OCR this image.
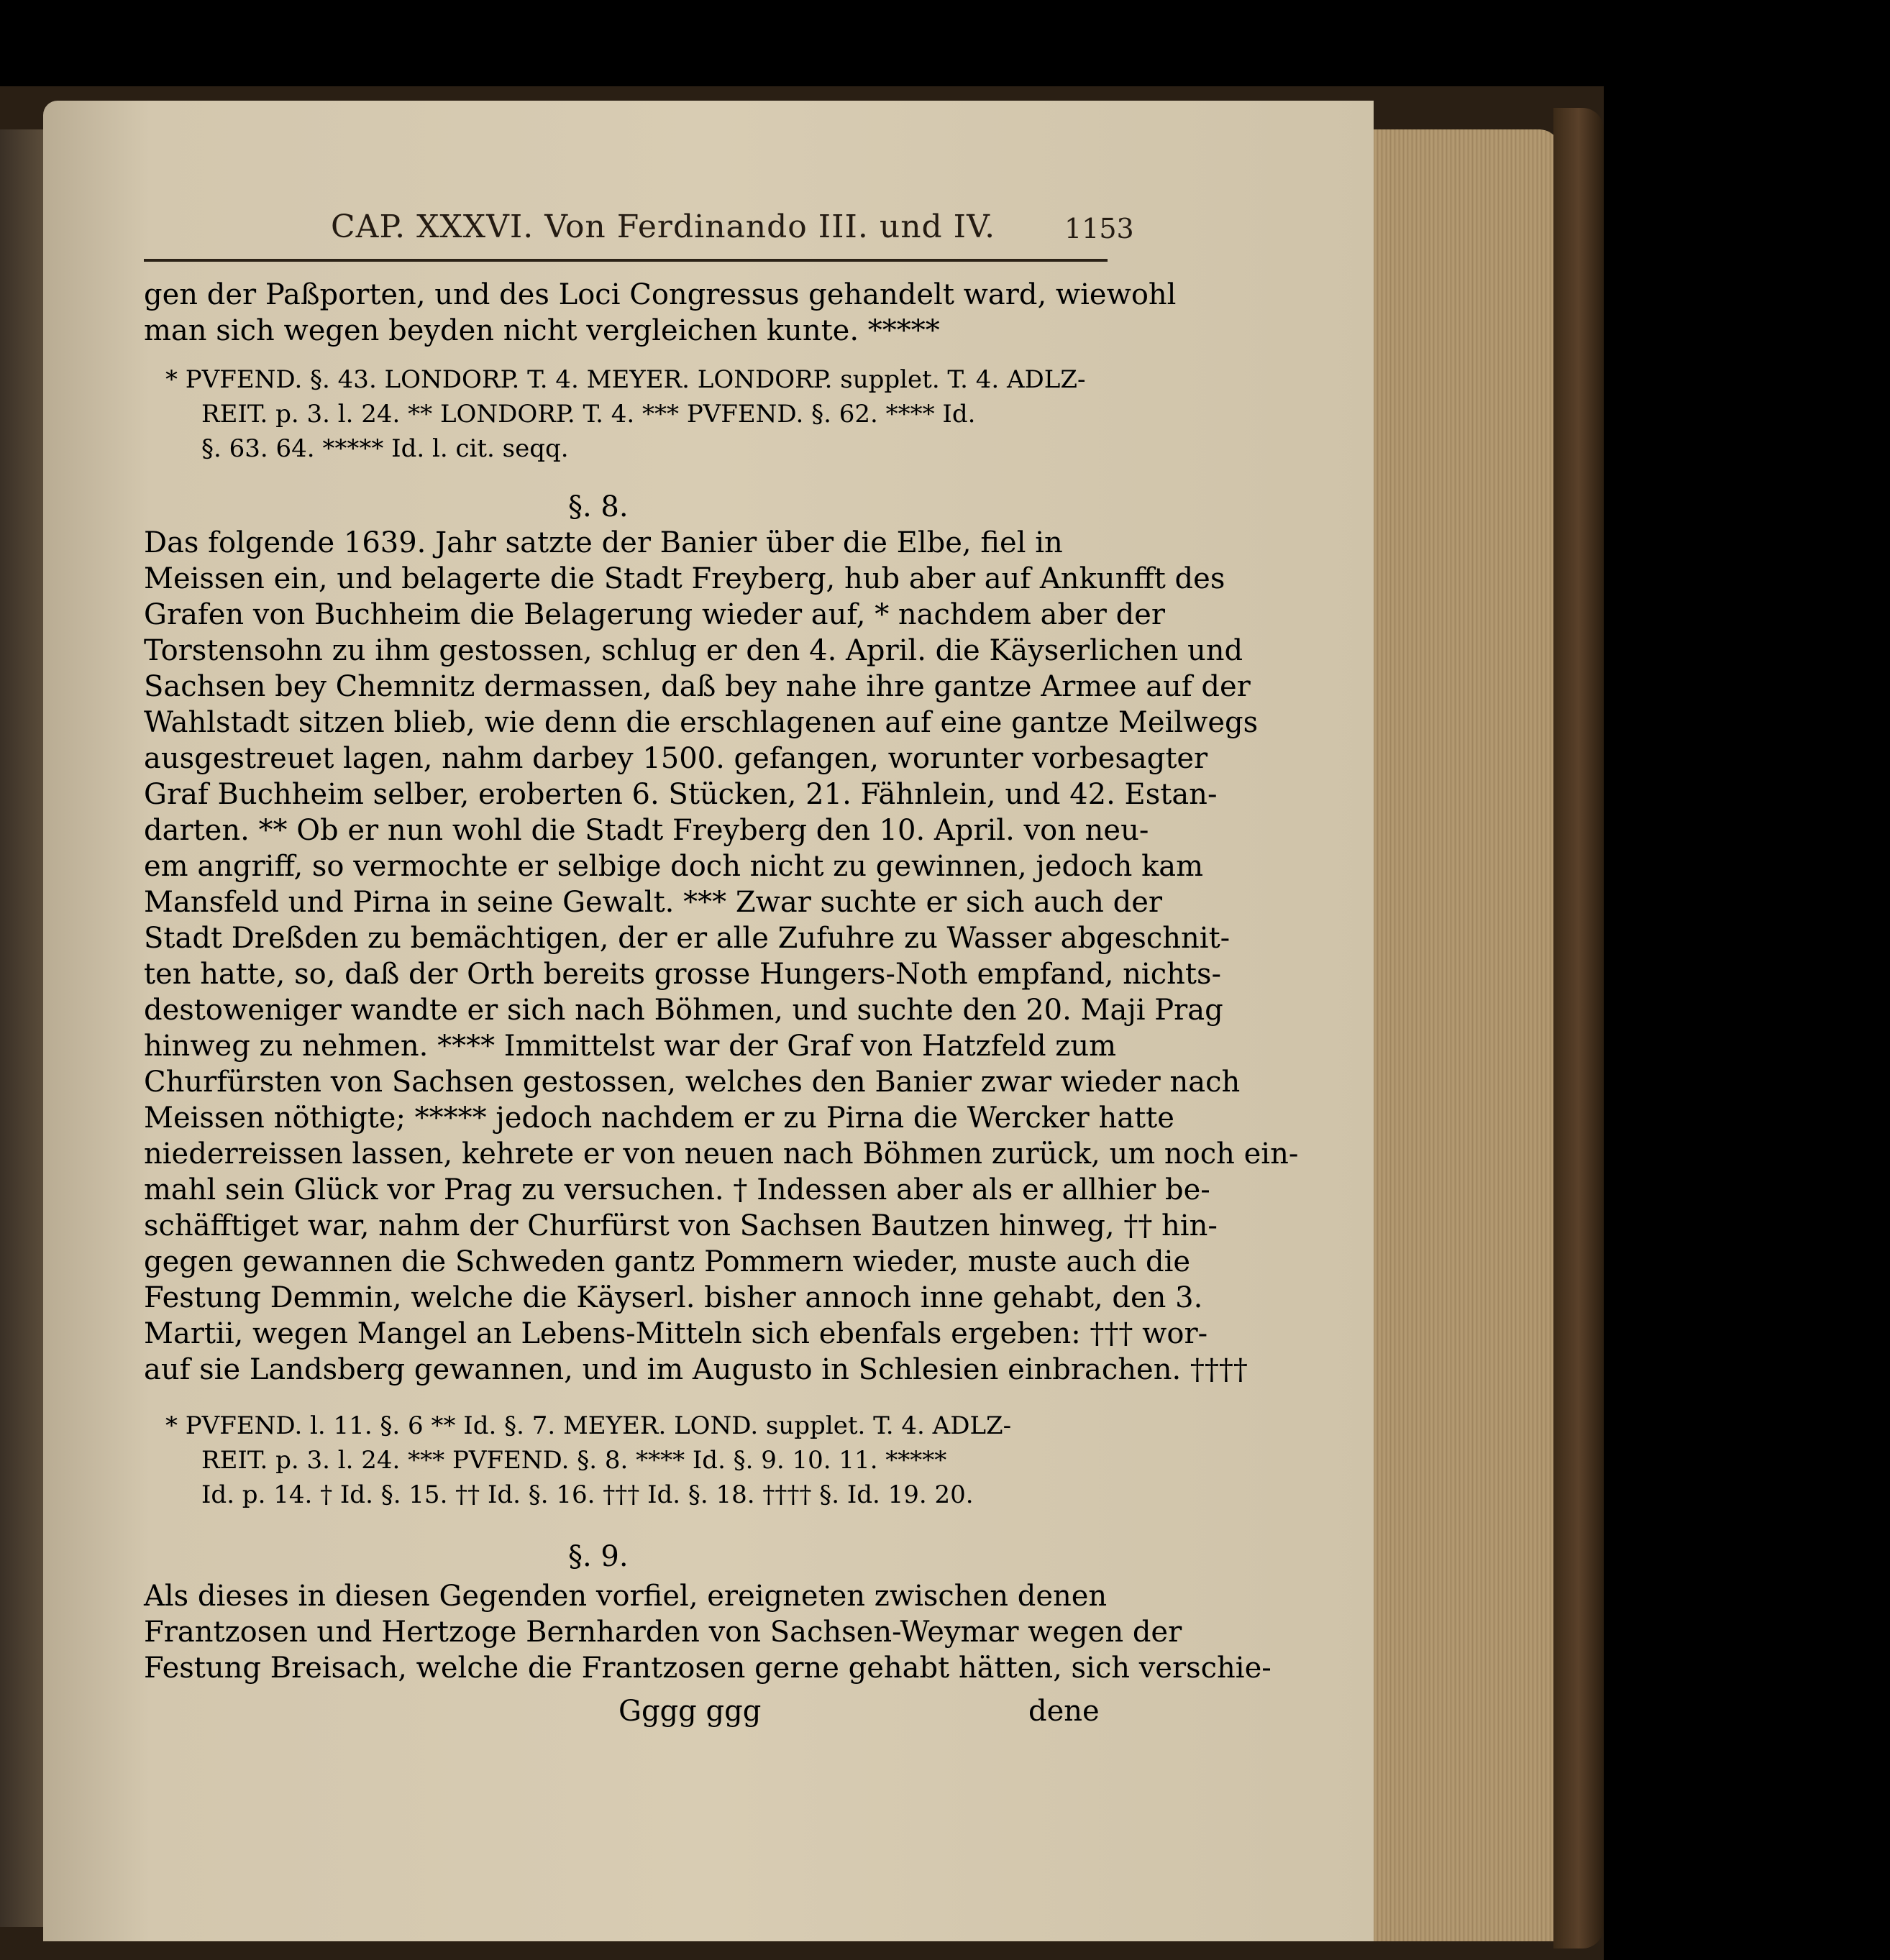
CAP. XXXVI. Von Ferdinando III. und IV.	1153
gen der Paßporten, und des Loci Congressus gehandelt ward, wiewohl
man sich wegen beyden nicht vergleichen kunte. *****
* PVFEND. §. 43. LONDORP. T. 4. MEYER. LONDORP. supplet. T. 4. ADLZ-
REIT. p. 3. l. 24. ** LONDORP. T. 4. *** PVFEND. §. 62. **** Id.
§. 63. 64. ***** Id. l. cit. seqq.
§. 8.
Das folgende 1639. Jahr satzte der Banier über die Elbe, fiel in
Meissen ein, und belagerte die Stadt Freyberg, hub aber auf Ankunfft des
Grafen von Buchheim die Belagerung wieder auf, * nachdem aber der
Torstensohn zu ihm gestossen, schlug er den 4. April. die Käyserlichen und
Sachsen bey Chemnitz dermassen, daß bey nahe ihre gantze Armee auf der
Wahlstadt sitzen blieb, wie denn die erschlagenen auf eine gantze Meilwegs
ausgestreuet lagen, nahm darbey 1500. gefangen, worunter vorbesagter
Graf Buchheim selber, eroberten 6. Stücken, 21. Fähnlein, und 42. Estan-
darten. ** Ob er nun wohl die Stadt Freyberg den 10. April. von neu-
em angriff, so vermochte er selbige doch nicht zu gewinnen, jedoch kam
Mansfeld und Pirna in seine Gewalt. *** Zwar suchte er sich auch der
Stadt Dreßden zu bemächtigen, der er alle Zufuhre zu Wasser abgeschnit-
ten hatte, so, daß der Orth bereits grosse Hungers-Noth empfand, nichts-
destoweniger wandte er sich nach Böhmen, und suchte den 20. Maji Prag
hinweg zu nehmen. **** Immittelst war der Graf von Hatzfeld zum
Churfürsten von Sachsen gestossen, welches den Banier zwar wieder nach
Meissen nöthigte; ***** jedoch nachdem er zu Pirna die Wercker hatte
niederreissen lassen, kehrete er von neuen nach Böhmen zurück, um noch ein-
mahl sein Glück vor Prag zu versuchen. † Indessen aber als er allhier be-
schäfftiget war, nahm der Churfürst von Sachsen Bautzen hinweg, †† hin-
gegen gewannen die Schweden gantz Pommern wieder, muste auch die
Festung Demmin, welche die Käyserl. bisher annoch inne gehabt, den 3.
Martii, wegen Mangel an Lebens-Mitteln sich ebenfals ergeben: ††† wor-
auf sie Landsberg gewannen, und im Augusto in Schlesien einbrachen. ††††
* PVFEND. l. 11. §. 6 ** Id. §. 7. MEYER. LOND. supplet. T. 4. ADLZ-
REIT. p. 3. l. 24. *** PVFEND. §. 8. **** Id. §. 9. 10. 11. *****
Id. p. 14. † Id. §. 15. †† Id. §. 16. ††† Id. §. 18. †††† §. Id. 19. 20.
§. 9.
Als dieses in diesen Gegenden vorfiel, ereigneten zwischen denen
Frantzosen und Hertzoge Bernharden von Sachsen-Weymar wegen der
Festung Breisach, welche die Frantzosen gerne gehabt hätten, sich verschie-
Gggg ggg	dene
